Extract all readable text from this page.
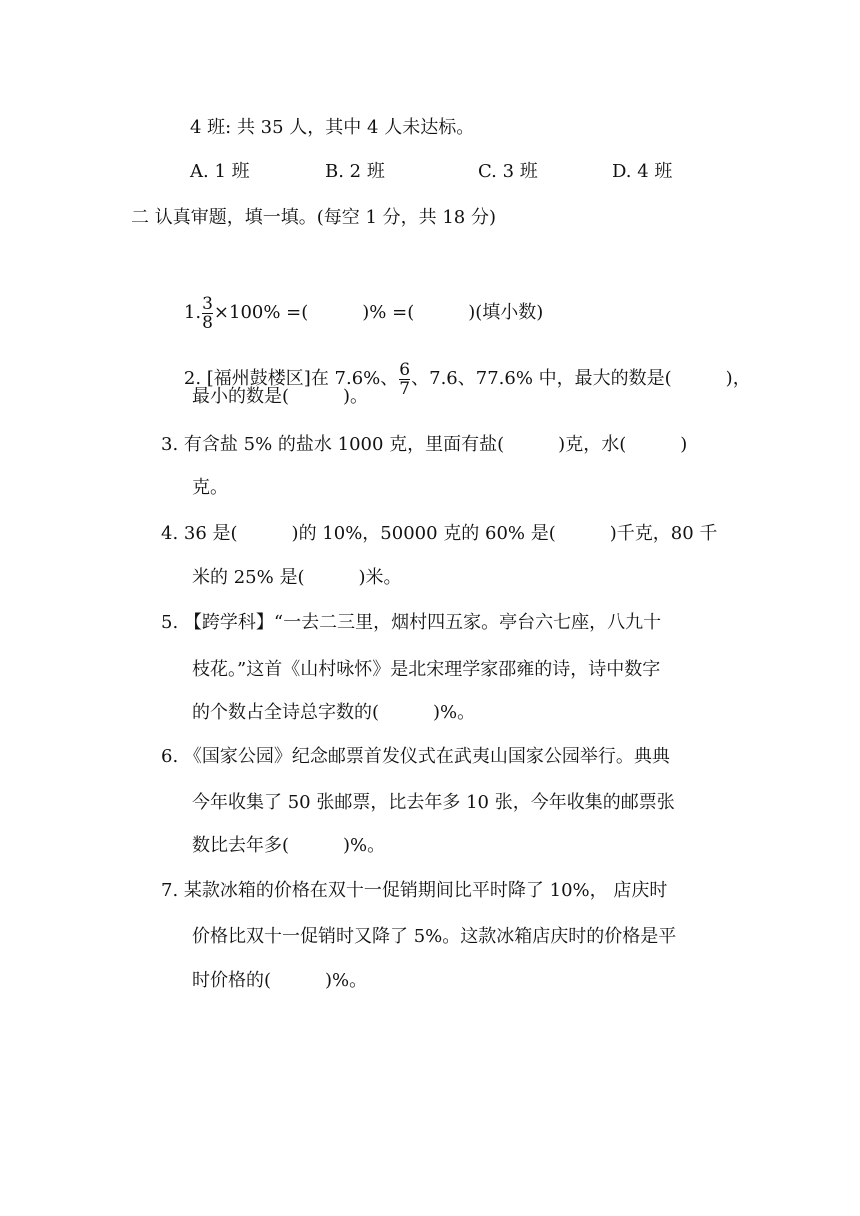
4 班: 共 35 人，其中 4 人未达标。
A. 1 班	B. 2 班	C. 3 班	D. 4 班
二 认真审题，填一填。(每空 1 分，共 18 分)

1. $\frac{3}{8} \times 100\%$ =(   )% =(   )(填小数)

2. [福州鼓楼区]在 7.6%、 $\frac{6}{7}$ 、7.6、77.6% 中，最大的数是(   )，

最小的数是(   )。
3. 有含盐 5% 的盐水 1000 克，里面有盐(   )克，水(   )
克。
4. 36 是(   )的 10%，50000 克的 60% 是(   )千克，80 千
米的 25% 是(   )米。
5. 【跨学科】“一去二三里，烟村四五家。亭台六七座，八九十
枝花。”这首《山村咏怀》是北宋理学家邵雍的诗，诗中数字
的个数占全诗总字数的(   )%。
6. 《国家公园》纪念邮票首发仪式在武夷山国家公园举行。典典
今年收集了 50 张邮票，比去年多 10 张，今年收集的邮票张
数比去年多(   )%。
7. 某款冰箱的价格在双十一促销期间比平时降了 10%， 店庆时
价格比双十一促销时又降了 5%。这款冰箱店庆时的价格是平
时价格的(   )%。
